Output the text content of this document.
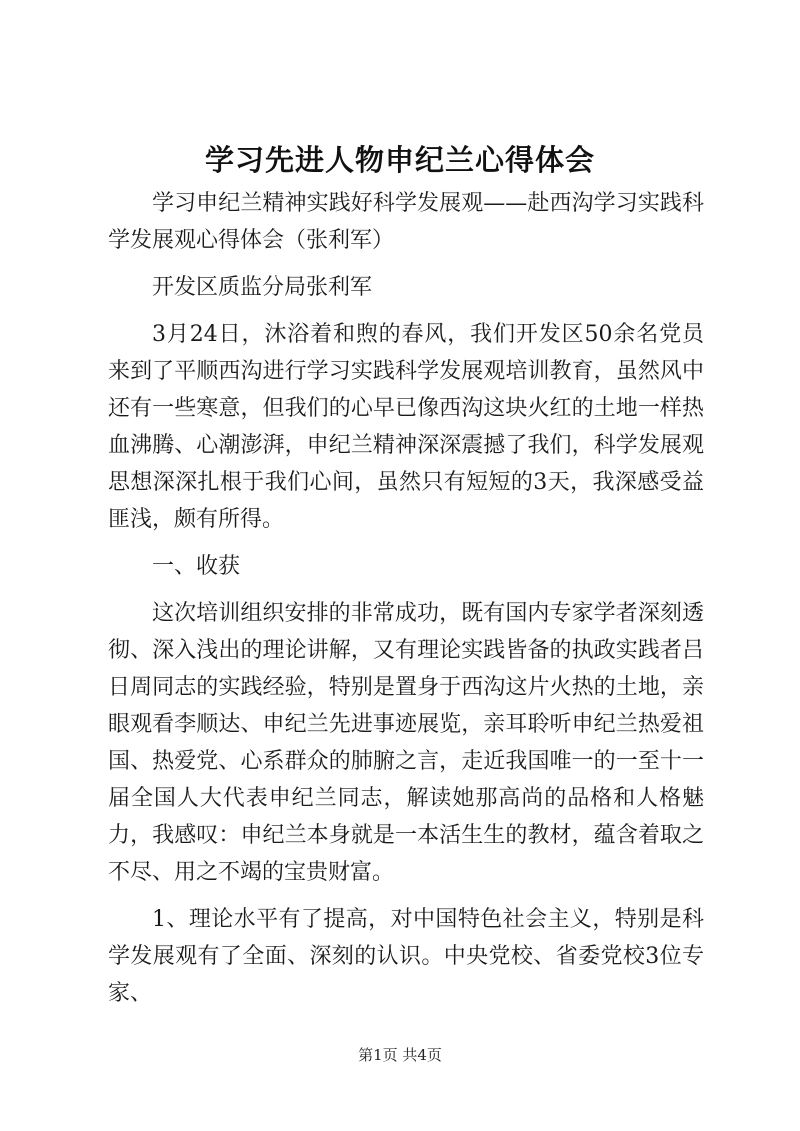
学习先进人物申纪兰心得体会

学习申纪兰精神实践好科学发展观——赴西沟学习实践科学发展观心得体会（张利军）

开发区质监分局张利军

3月24日，沐浴着和煦的春风，我们开发区50余名党员来到了平顺西沟进行学习实践科学发展观培训教育，虽然风中还有一些寒意，但我们的心早已像西沟这块火红的土地一样热血沸腾、心潮澎湃，申纪兰精神深深震撼了我们，科学发展观思想深深扎根于我们心间，虽然只有短短的3天，我深感受益匪浅，颇有所得。

一、收获

这次培训组织安排的非常成功，既有国内专家学者深刻透彻、深入浅出的理论讲解，又有理论实践皆备的执政实践者吕日周同志的实践经验，特别是置身于西沟这片火热的土地，亲眼观看李顺达、申纪兰先进事迹展览，亲耳聆听申纪兰热爱祖国、热爱党、心系群众的肺腑之言，走近我国唯一的一至十一届全国人大代表申纪兰同志，解读她那高尚的品格和人格魅力，我感叹：申纪兰本身就是一本活生生的教材，蕴含着取之不尽、用之不竭的宝贵财富。

1、理论水平有了提高，对中国特色社会主义，特别是科学发展观有了全面、深刻的认识。中央党校、省委党校3位专家、

第1页 共4页
